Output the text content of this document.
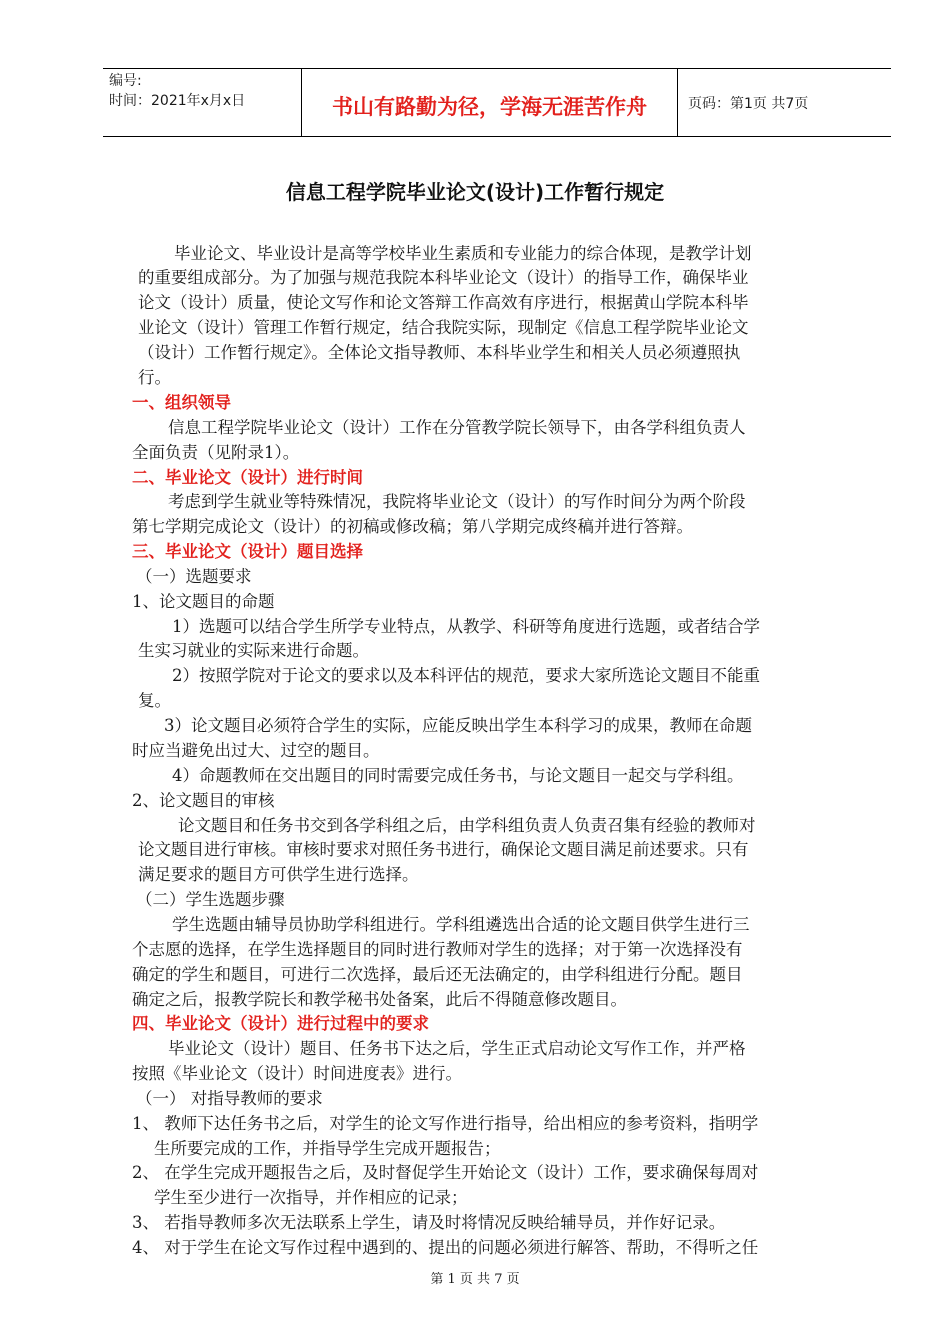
编号:
时间：2021年x月x日	书山有路勤为径，学海无涯苦作舟	页码：第1页 共7页
信息工程学院毕业论文(设计)工作暂行规定
毕业论文、毕业设计是高等学校毕业生素质和专业能力的综合体现，是教学计划
的重要组成部分。为了加强与规范我院本科毕业论文（设计）的指导工作，确保毕业
论文（设计）质量，使论文写作和论文答辩工作高效有序进行，根据黄山学院本科毕
业论文（设计）管理工作暂行规定，结合我院实际，现制定《信息工程学院毕业论文
（设计）工作暂行规定》。全体论文指导教师、本科毕业学生和相关人员必须遵照执
行。
一、组织领导
信息工程学院毕业论文（设计）工作在分管教学院长领导下，由各学科组负责人
全面负责（见附录1）。
二、毕业论文（设计）进行时间
考虑到学生就业等特殊情况，我院将毕业论文（设计）的写作时间分为两个阶段
第七学期完成论文（设计）的初稿或修改稿；第八学期完成终稿并进行答辩。
三、毕业论文（设计）题目选择
（一）选题要求
1、论文题目的命题
1）选题可以结合学生所学专业特点，从教学、科研等角度进行选题，或者结合学
生实习就业的实际来进行命题。
2）按照学院对于论文的要求以及本科评估的规范，要求大家所选论文题目不能重
复。
3）论文题目必须符合学生的实际，应能反映出学生本科学习的成果，教师在命题
时应当避免出过大、过空的题目。
4）命题教师在交出题目的同时需要完成任务书，与论文题目一起交与学科组。
2、论文题目的审核
论文题目和任务书交到各学科组之后，由学科组负责人负责召集有经验的教师对
论文题目进行审核。审核时要求对照任务书进行，确保论文题目满足前述要求。只有
满足要求的题目方可供学生进行选择。
（二）学生选题步骤
学生选题由辅导员协助学科组进行。学科组遴选出合适的论文题目供学生进行三
个志愿的选择，在学生选择题目的同时进行教师对学生的选择；对于第一次选择没有
确定的学生和题目，可进行二次选择，最后还无法确定的，由学科组进行分配。题目
确定之后，报教学院长和教学秘书处备案，此后不得随意修改题目。
四、毕业论文（设计）进行过程中的要求
毕业论文（设计）题目、任务书下达之后，学生正式启动论文写作工作，并严格
按照《毕业论文（设计）时间进度表》进行。
（一） 对指导教师的要求
1、 教师下达任务书之后，对学生的论文写作进行指导，给出相应的参考资料，指明学
生所要完成的工作，并指导学生完成开题报告；
2、 在学生完成开题报告之后，及时督促学生开始论文（设计）工作，要求确保每周对
学生至少进行一次指导，并作相应的记录；
3、 若指导教师多次无法联系上学生，请及时将情况反映给辅导员，并作好记录。
4、 对于学生在论文写作过程中遇到的、提出的问题必须进行解答、帮助，不得听之任
第 1 页 共 7 页
